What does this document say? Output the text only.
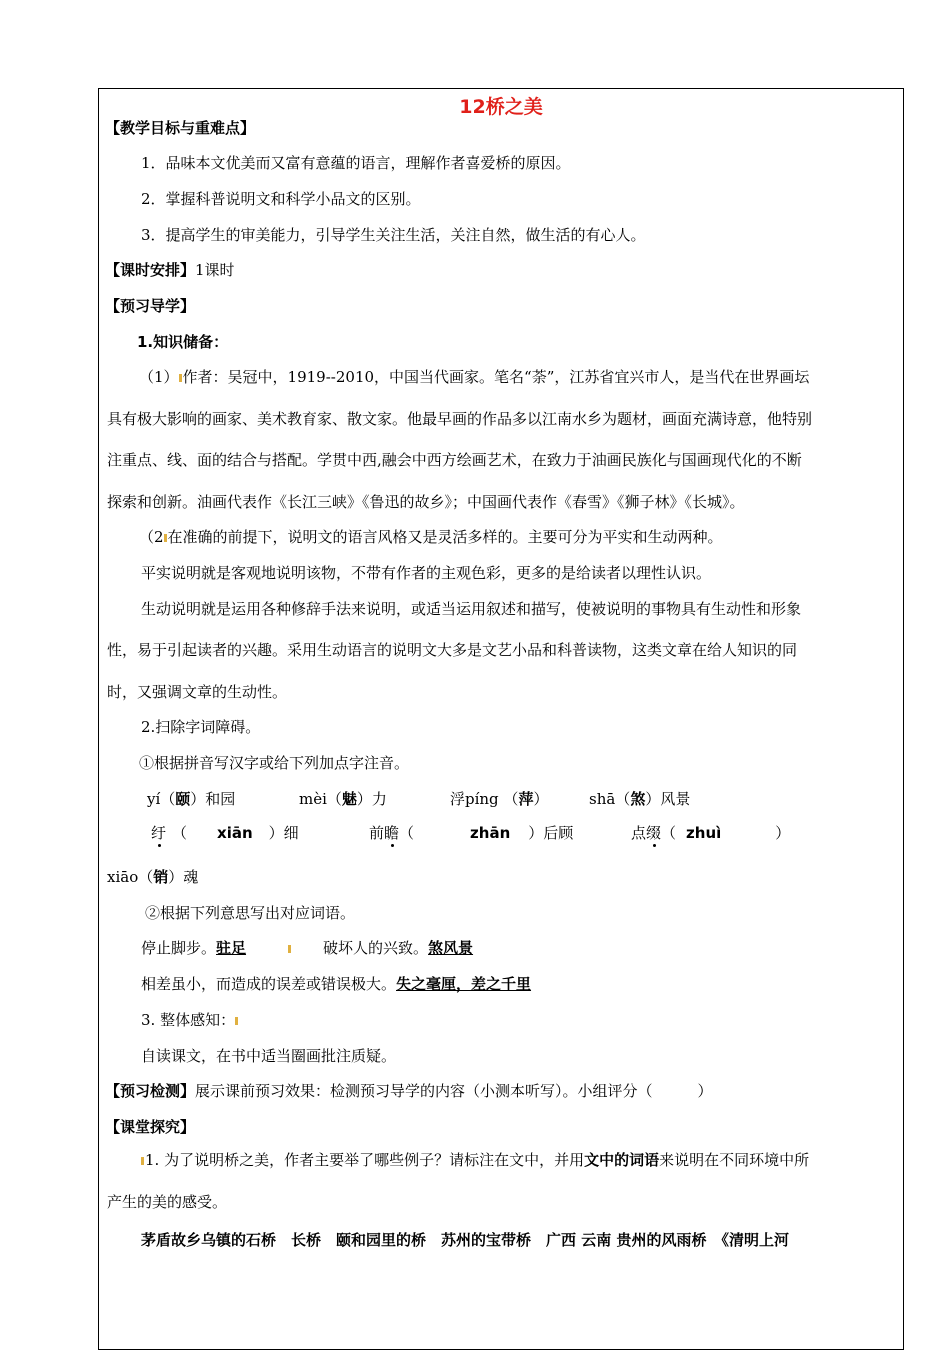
12桥之美
【教学目标与重难点】
1．品味本文优美而又富有意蕴的语言，理解作者喜爱桥的原因。
2．掌握科普说明文和科学小品文的区别。
3．提高学生的审美能力，引导学生关注生活，关注自然，做生活的有心人。
【课时安排】1课时
【预习导学】
1.知识储备：
（1） 作者：吴冠中，1919--2010，中国当代画家。笔名“荼”，江苏省宜兴市人，是当代在世界画坛
具有极大影响的画家、美术教育家、散文家。他最早画的作品多以江南水乡为题材，画面充满诗意，他特别
注重点、线、面的结合与搭配。学贯中西,融会中西方绘画艺术，在致力于油画民族化与国画现代化的不断
探索和创新。油画代表作《长江三峡》《鲁迅的故乡》；中国画代表作《春雪》《狮子林》《长城》。
（2 在准确的前提下，说明文的语言风格又是灵活多样的。主要可分为平实和生动两种。
平实说明就是客观地说明该物，不带有作者的主观色彩，更多的是给读者以理性认识。
生动说明就是运用各种修辞手法来说明，或适当运用叙述和描写，使被说明的事物具有生动性和形象
性，易于引起读者的兴趣。采用生动语言的说明文大多是文艺小品和科普读物，这类文章在给人知识的同
时，又强调文章的生动性。
2.扫除字词障碍。
①根据拼音写汉字或给下列加点字注音。
yí（颐）和园	mèi（魅）力	浮píng （萍）	shā（煞）风景
纡 （ xiān ）细	前瞻（	zhān ）后顾	点缀（ zhuì	）
xiāo（销）魂
②根据下列意思写出对应词语。
停止脚步。驻足	破坏人的兴致。煞风景
相差虽小，而造成的误差或错误极大。失之毫厘，差之千里
3. 整体感知：
自读课文，在书中适当圈画批注质疑。
【预习检测】展示课前预习效果：检测预习导学的内容（小测本听写）。小组评分（　　　）
【课堂探究】
1. 为了说明桥之美，作者主要举了哪些例子？请标注在文中，并用文中的词语来说明在不同环境中所
产生的美的感受。
茅盾故乡乌镇的石桥　长桥　颐和园里的桥　苏州的宝带桥　广西 云南 贵州的风雨桥　《清明上河
